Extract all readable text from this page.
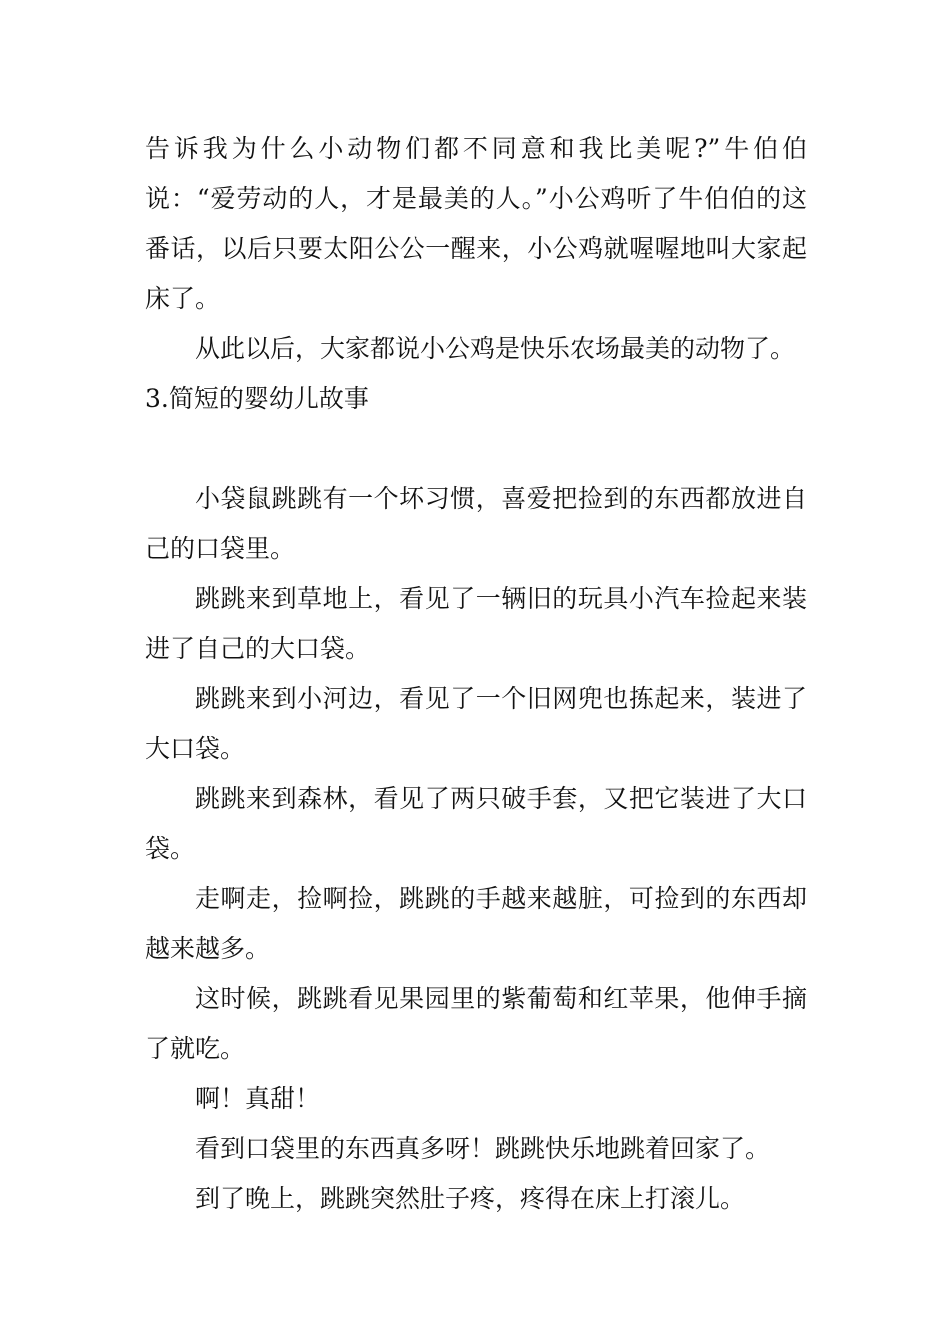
告诉我为什么小动物们都不同意和我比美呢?”牛伯伯说：“爱劳动的人，才是最美的人。”小公鸡听了牛伯伯的这番话，以后只要太阳公公一醒来，小公鸡就喔喔地叫大家起床了。

从此以后，大家都说小公鸡是快乐农场最美的动物了。

3.简短的婴幼儿故事

小袋鼠跳跳有一个坏习惯，喜爱把捡到的东西都放进自己的口袋里。

跳跳来到草地上，看见了一辆旧的玩具小汽车捡起来装进了自己的大口袋。

跳跳来到小河边，看见了一个旧网兜也拣起来，装进了大口袋。

跳跳来到森林，看见了两只破手套，又把它装进了大口袋。

走啊走，捡啊捡，跳跳的手越来越脏，可捡到的东西却越来越多。

这时候，跳跳看见果园里的紫葡萄和红苹果，他伸手摘了就吃。

啊！真甜！

看到口袋里的东西真多呀！跳跳快乐地跳着回家了。

到了晚上，跳跳突然肚子疼，疼得在床上打滚儿。
